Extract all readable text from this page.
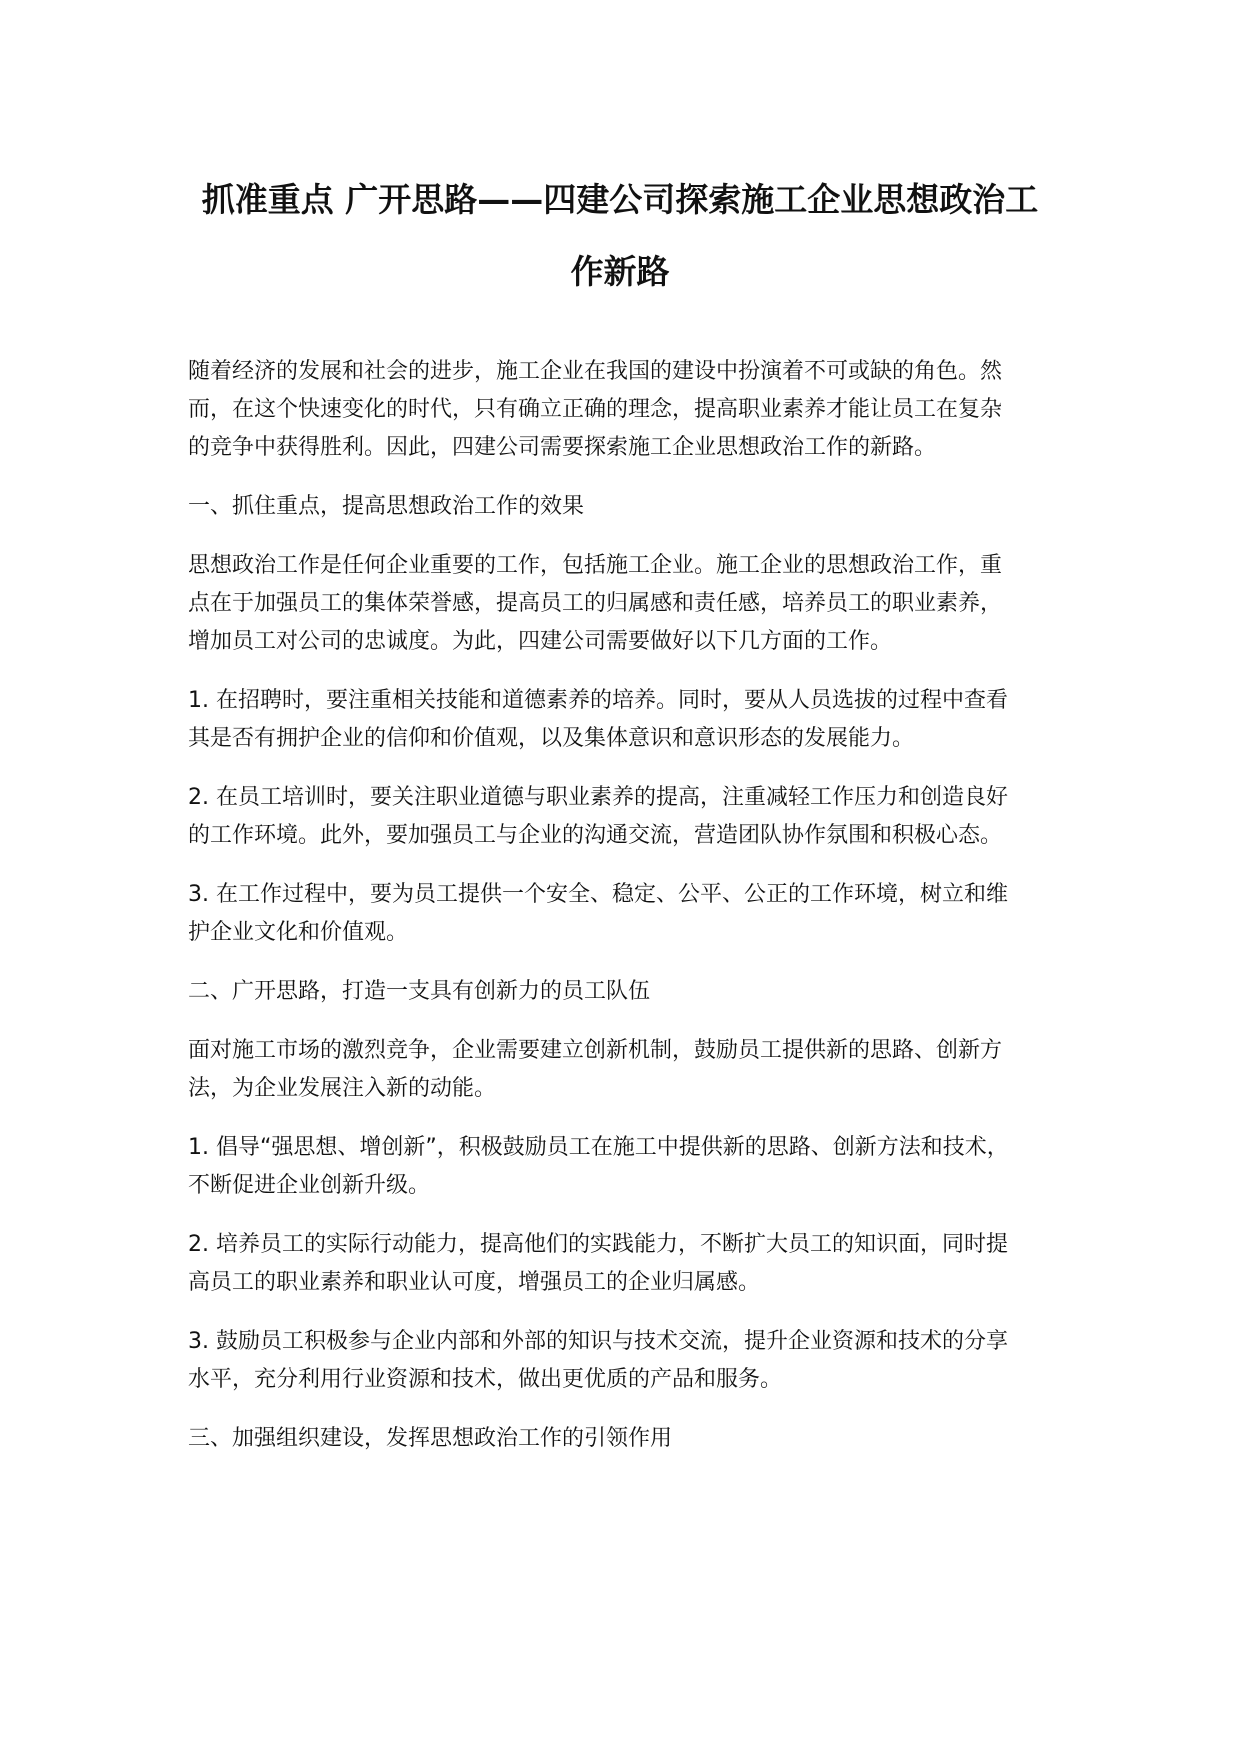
抓准重点 广开思路——四建公司探索施工企业思想政治工
作新路

随着经济的发展和社会的进步，施工企业在我国的建设中扮演着不可或缺的角色。然
而，在这个快速变化的时代，只有确立正确的理念，提高职业素养才能让员工在复杂
的竞争中获得胜利。因此，四建公司需要探索施工企业思想政治工作的新路。

一、抓住重点，提高思想政治工作的效果

思想政治工作是任何企业重要的工作，包括施工企业。施工企业的思想政治工作，重
点在于加强员工的集体荣誉感，提高员工的归属感和责任感，培养员工的职业素养，
增加员工对公司的忠诚度。为此，四建公司需要做好以下几方面的工作。

1. 在招聘时，要注重相关技能和道德素养的培养。同时，要从人员选拔的过程中查看
其是否有拥护企业的信仰和价值观，以及集体意识和意识形态的发展能力。

2. 在员工培训时，要关注职业道德与职业素养的提高，注重减轻工作压力和创造良好
的工作环境。此外，要加强员工与企业的沟通交流，营造团队协作氛围和积极心态。

3. 在工作过程中，要为员工提供一个安全、稳定、公平、公正的工作环境，树立和维
护企业文化和价值观。

二、广开思路，打造一支具有创新力的员工队伍

面对施工市场的激烈竞争，企业需要建立创新机制，鼓励员工提供新的思路、创新方
法，为企业发展注入新的动能。

1. 倡导“强思想、增创新”，积极鼓励员工在施工中提供新的思路、创新方法和技术，
不断促进企业创新升级。

2. 培养员工的实际行动能力，提高他们的实践能力，不断扩大员工的知识面，同时提
高员工的职业素养和职业认可度，增强员工的企业归属感。

3. 鼓励员工积极参与企业内部和外部的知识与技术交流，提升企业资源和技术的分享
水平，充分利用行业资源和技术，做出更优质的产品和服务。

三、加强组织建设，发挥思想政治工作的引领作用
